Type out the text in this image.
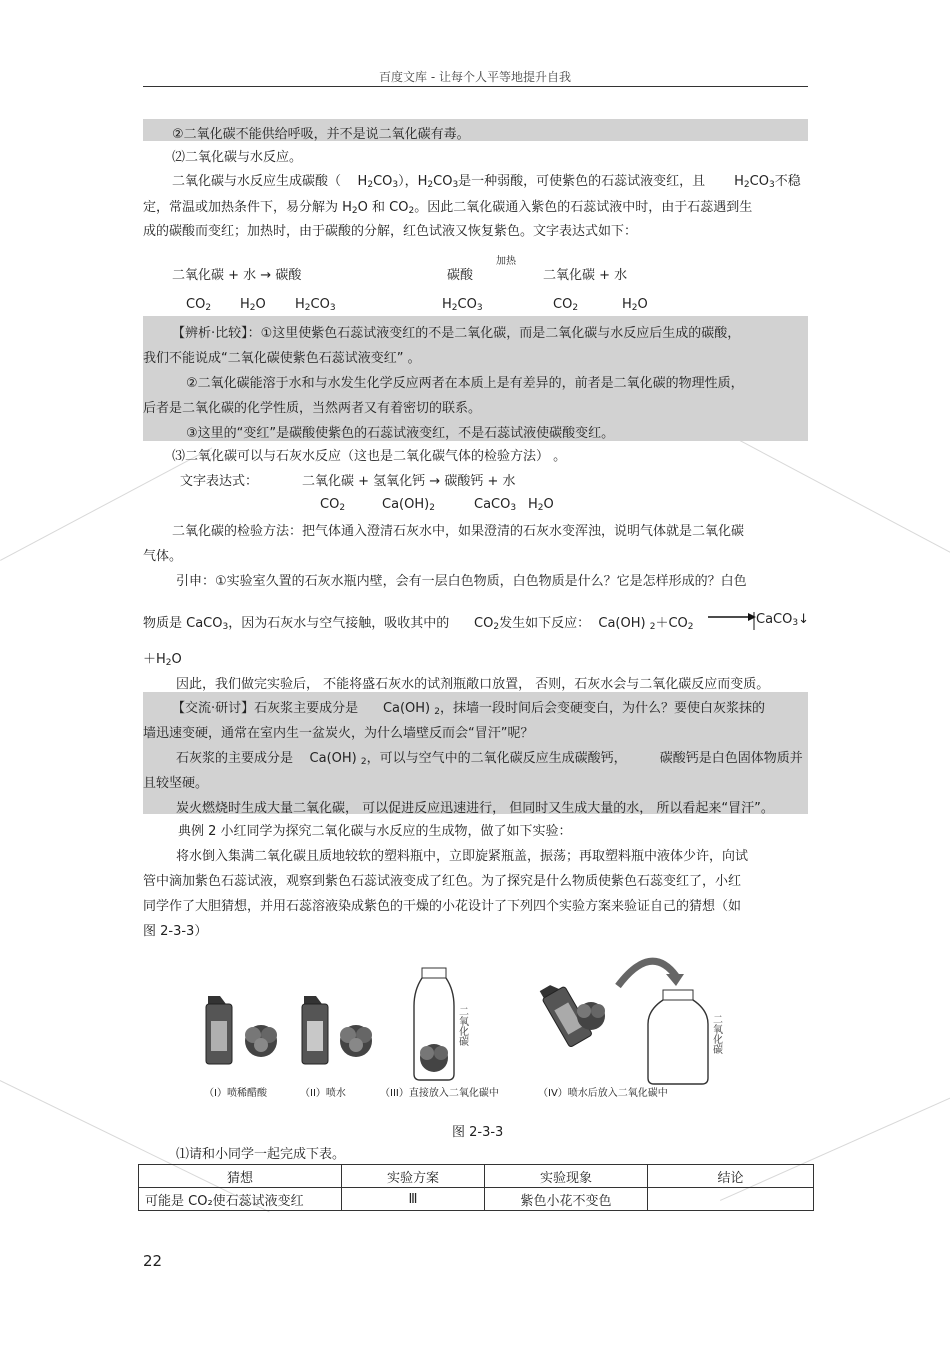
百度文库 - 让每个人平等地提升自我
②二氧化碳不能供给呼吸，并不是说二氧化碳有毒。
⑵二氧化碳与水反应。
二氧化碳与水反应生成碳酸（ $H_2CO_3$），$H_2CO_3$是一种弱酸，可使紫色的石蕊试液变红，且 $H_2CO_3$不稳
定，常温或加热条件下，易分解为 $H_2O$ 和 $CO_2$。因此二氧化碳通入紫色的石蕊试液中时，由于石蕊遇到生
成的碳酸而变红；加热时，由于碳酸的分解，红色试液又恢复紫色。文字表达式如下：
加热
二氧化碳 + 水 → 碳酸	碳酸	二氧化碳 + 水
$CO_2$ $H_2O$ $H_2CO_3$	$H_2CO_3$	$CO_2$	$H_2O$
【辨析·比较】：①这里使紫色石蕊试液变红的不是二氧化碳，而是二氧化碳与水反应后生成的碳酸，
我们不能说成“二氧化碳使紫色石蕊试液变红” 。
②二氧化碳能溶于水和与水发生化学反应两者在本质上是有差异的，前者是二氧化碳的物理性质，
后者是二氧化碳的化学性质，当然两者又有着密切的联系。
③这里的“变红”是碳酸使紫色的石蕊试液变红，不是石蕊试液使碳酸变红。
⑶二氧化碳可以与石灰水反应（这也是二氧化碳气体的检验方法） 。
文字表达式：	二氧化碳 + 氢氧化钙 → 碳酸钙 + 水
$CO_2$	$Ca(OH)_2$	CaCO$_3$ $H_2O$
二氧化碳的检验方法：把气体通入澄清石灰水中，如果澄清的石灰水变浑浊，说明气体就是二氧化碳
气体。
引申：①实验室久置的石灰水瓶内壁，会有一层白色物质，白色物质是什么？它是怎样形成的？白色
物质是 CaCO$_3$，因为石灰水与空气接触，吸收其中的 $CO_2$发生如下反应： Ca(OH) $_2+CO_2$ → CaCO$_3$↓
$+H_2O$
因此，我们做完实验后， 不能将盛石灰水的试剂瓶敞口放置， 否则，石灰水会与二氧化碳反应而变质。
【交流·研讨】石灰浆主要成分是 Ca(OH) $_2$，抹墙一段时间后会变硬变白，为什么？要使白灰浆抹的
墙迅速变硬，通常在室内生一盆炭火，为什么墙壁反而会“冒汗”呢？
石灰浆的主要成分是 Ca(OH) $_2$，可以与空气中的二氧化碳反应生成碳酸钙，	碳酸钙是白色固体物质并
且较坚硬。
炭火燃烧时生成大量二氧化碳， 可以促进反应迅速进行， 但同时又生成大量的水， 所以看起来“冒汗”。
典例 2 小红同学为探究二氧化碳与水反应的生成物，做了如下实验：
将水倒入集满二氧化碳且质地较软的塑料瓶中，立即旋紧瓶盖，振荡；再取塑料瓶中液体少许，向试
管中滴加紫色石蕊试液，观察到紫色石蕊试液变成了红色。为了探究是什么物质使紫色石蕊变红了，小红
同学作了大胆猜想，并用石蕊溶液染成紫色的干燥的小花设计了下列四个实验方案来验证自己的猜想（如
图 2-3-3）
二氧化碳	二氧化碳
（I）喷稀醋酸	（II）喷水	（III）直接放入二氧化碳中	（IV）喷水后放入二氧化碳中
图 2-3-3
⑴请和小同学一起完成下表。
猜想	实验方案	实验现象	结论
可能是 CO₂使石蕊试液变红	Ⅲ	紫色小花不变色	
22
